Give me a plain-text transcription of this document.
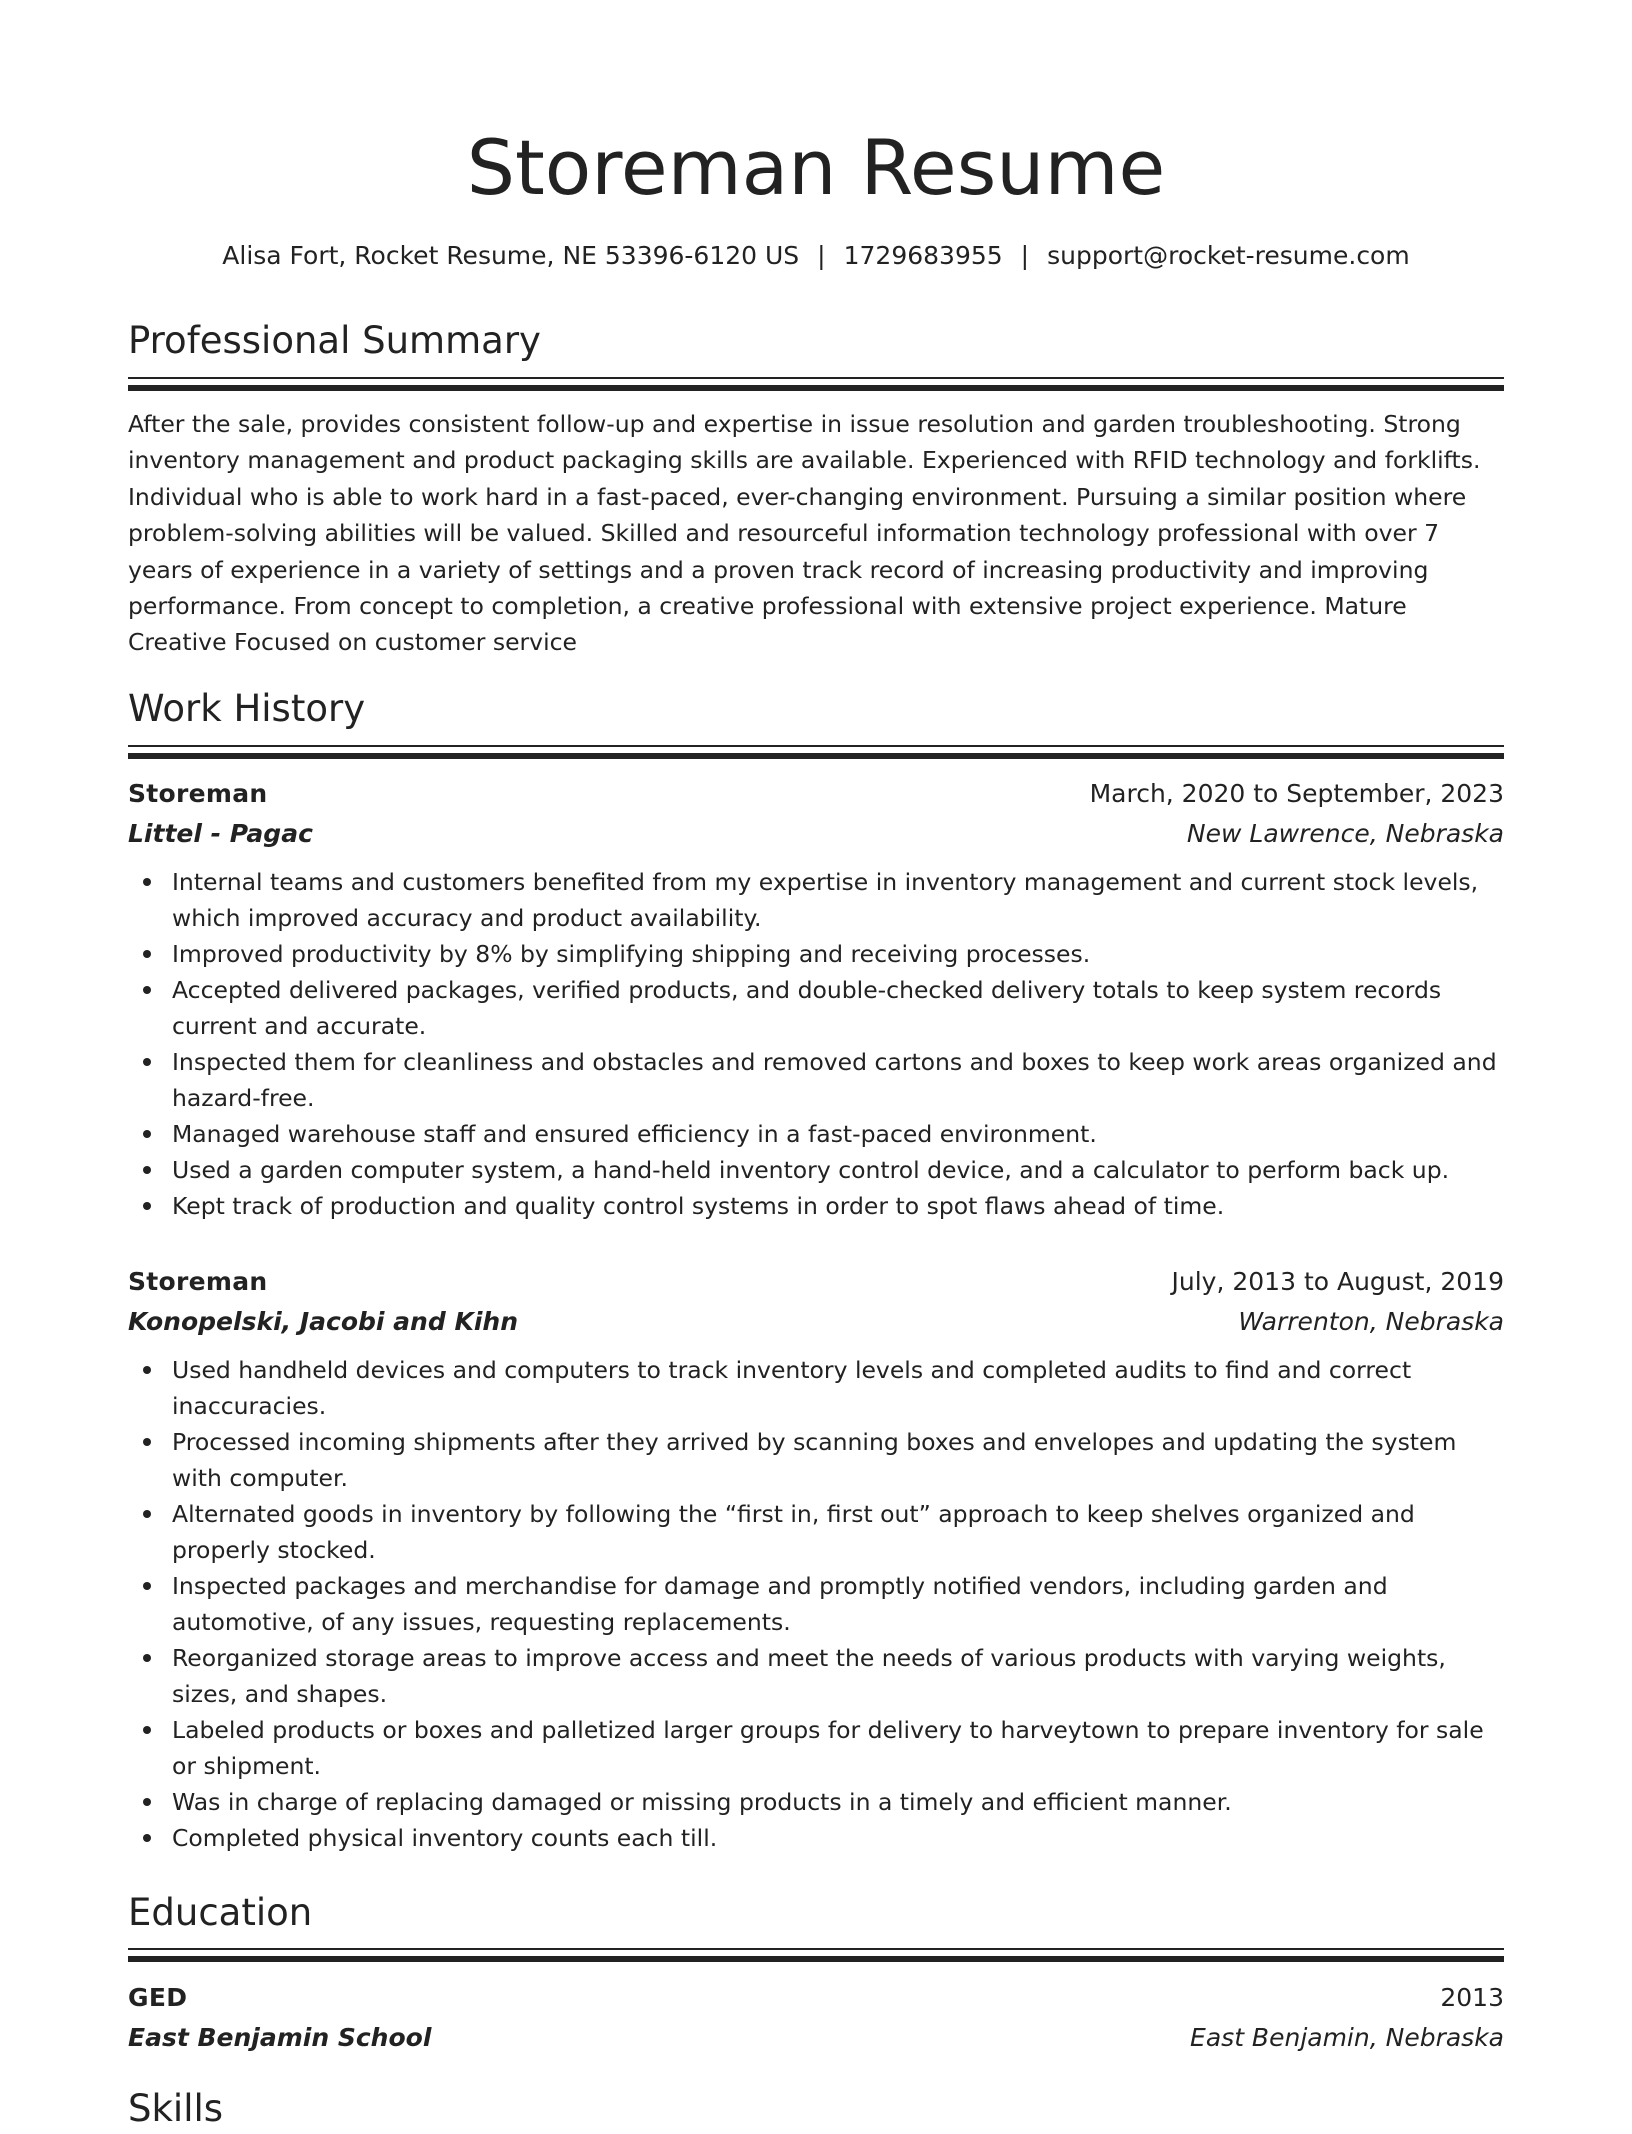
Storeman Resume
Alisa Fort, Rocket Resume, NE 53396-6120 US | 1729683955 | support@rocket-resume.com
Professional Summary

After the sale, provides consistent follow-up and expertise in issue resolution and garden troubleshooting. Strong inventory management and product packaging skills are available. Experienced with RFID technology and forklifts. Individual who is able to work hard in a fast-paced, ever-changing environment. Pursuing a similar position where problem-solving abilities will be valued. Skilled and resourceful information technology professional with over 7 years of experience in a variety of settings and a proven track record of increasing productivity and improving performance. From concept to completion, a creative professional with extensive project experience. Mature Creative Focused on customer service

Work History
Storeman	March, 2020 to September, 2023
Littel - Pagac	New Lawrence, Nebraska
Internal teams and customers benefited from my expertise in inventory management and current stock levels, which improved accuracy and product availability.
Improved productivity by 8% by simplifying shipping and receiving processes.
Accepted delivered packages, verified products, and double-checked delivery totals to keep system records current and accurate.
Inspected them for cleanliness and obstacles and removed cartons and boxes to keep work areas organized and hazard-free.
Managed warehouse staff and ensured efficiency in a fast-paced environment.
Used a garden computer system, a hand-held inventory control device, and a calculator to perform back up.
Kept track of production and quality control systems in order to spot flaws ahead of time.
Storeman	July, 2013 to August, 2019
Konopelski, Jacobi and Kihn	Warrenton, Nebraska
Used handheld devices and computers to track inventory levels and completed audits to find and correct inaccuracies.
Processed incoming shipments after they arrived by scanning boxes and envelopes and updating the system with computer.
Alternated goods in inventory by following the “first in, first out” approach to keep shelves organized and properly stocked.
Inspected packages and merchandise for damage and promptly notified vendors, including garden and automotive, of any issues, requesting replacements.
Reorganized storage areas to improve access and meet the needs of various products with varying weights, sizes, and shapes.
Labeled products or boxes and palletized larger groups for delivery to harveytown to prepare inventory for sale or shipment.
Was in charge of replacing damaged or missing products in a timely and efficient manner.
Completed physical inventory counts each till.
Education
GED	2013
East Benjamin School	East Benjamin, Nebraska
Skills
